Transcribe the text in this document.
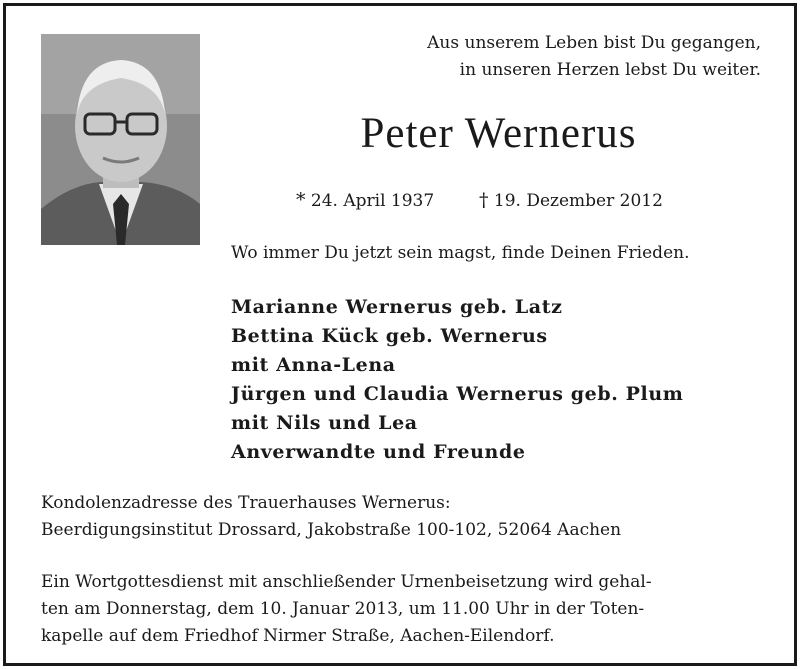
Aus unserem Leben bist Du gegangen,
in unseren Herzen lebst Du weiter.
Peter Wernerus
* 24. April 1937 † 19. Dezember 2012
Wo immer Du jetzt sein magst, finde Deinen Frieden.
Marianne Wernerus geb. Latz
Bettina Kück geb. Wernerus
mit Anna-Lena
Jürgen und Claudia Wernerus geb. Plum
mit Nils und Lea
Anverwandte und Freunde
Kondolenzadresse des Trauerhauses Wernerus:
Beerdigungsinstitut Drossard, Jakobstraße 100-102, 52064 Aachen
Ein Wortgottesdienst mit anschließender Urnenbeisetzung wird gehal-
ten am Donnerstag, dem 10. Januar 2013, um 11.00 Uhr in der Toten-
kapelle auf dem Friedhof Nirmer Straße, Aachen-Eilendorf.
